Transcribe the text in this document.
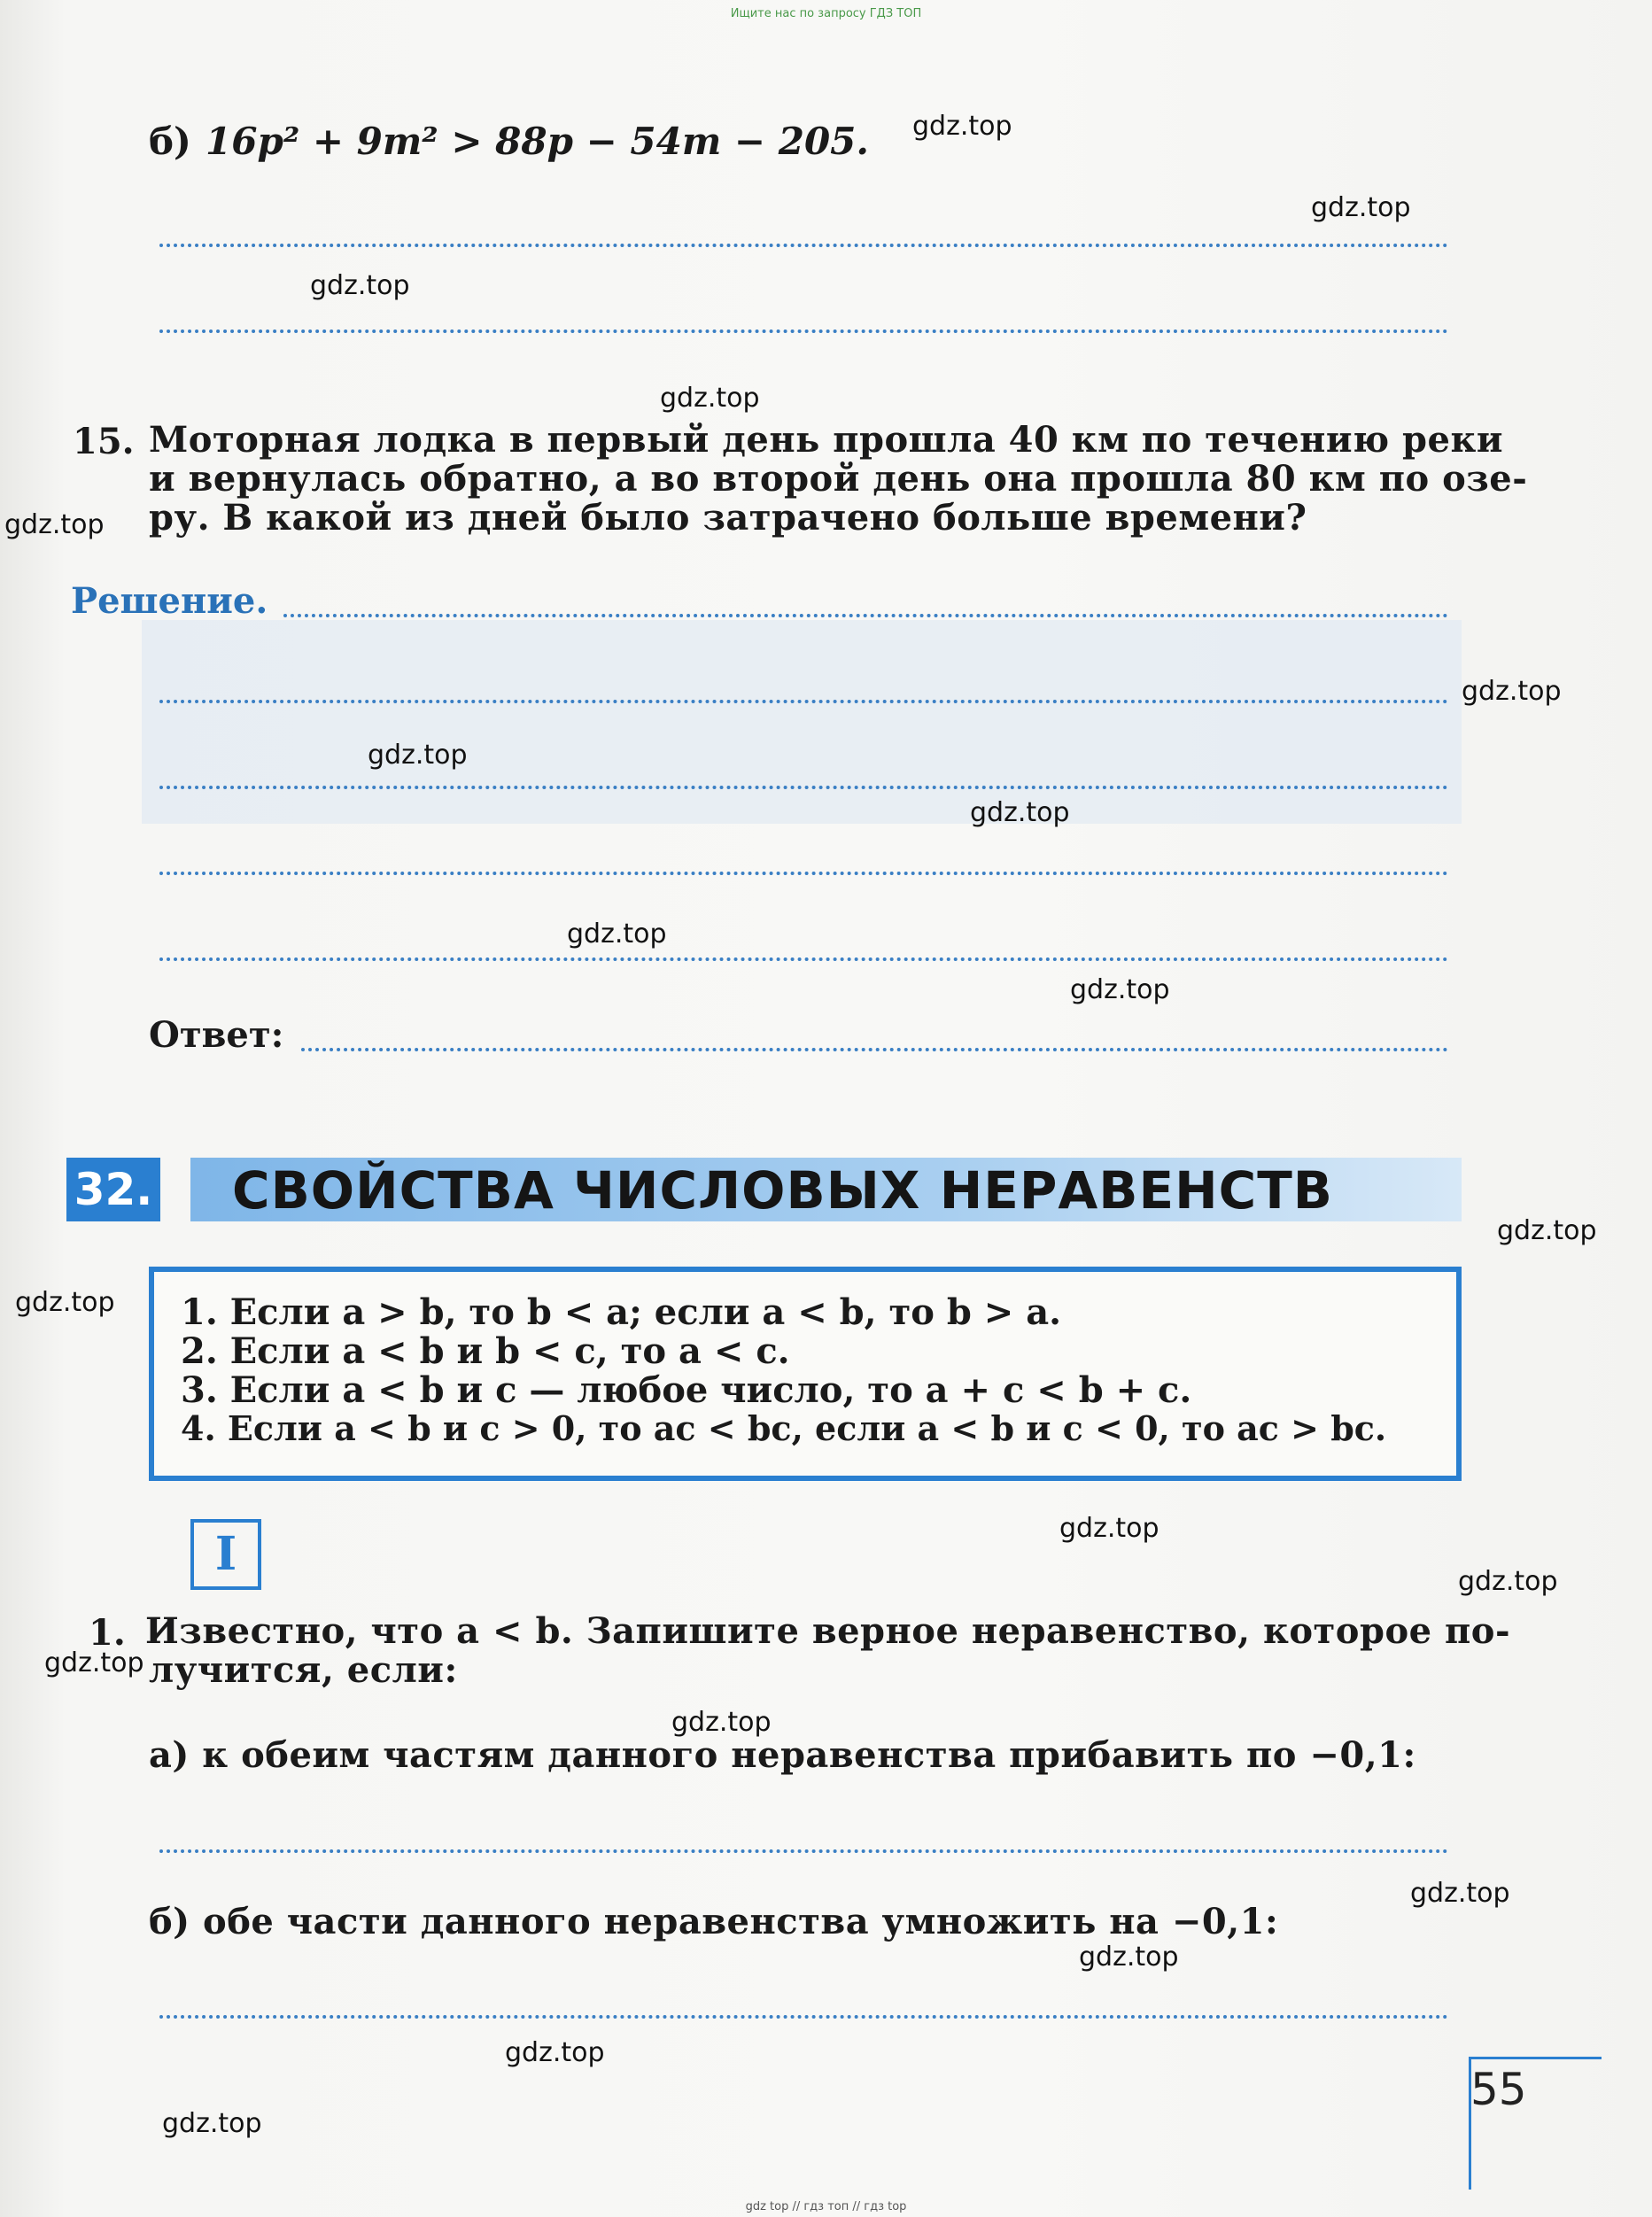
Ищите нас по запросу ГДЗ ТОП
б) 16p² + 9m² > 88p − 54m − 205.
15. Моторная лодка в первый день прошла 40 км по течению реки
и вернулась обратно, а во второй день она прошла 80 км по озе-
ру. В какой из дней было затрачено больше времени?
Решение.
Ответ:
32. СВОЙСТВА ЧИСЛОВЫХ НЕРАВЕНСТВ
1. Если a > b, то b < a; если a < b, то b > a.
2. Если a < b и b < c, то a < c.
3. Если a < b и c — любое число, то a + c < b + c.
4. Если a < b и c > 0, то ac < bc, если a < b и c < 0, то ac > bc.
I
1. Известно, что a < b. Запишите верное неравенство, которое по-
лучится, если:
а) к обеим частям данного неравенства прибавить по −0,1:
б) обе части данного неравенства умножить на −0,1:
55
gdz.top
gdz.top
gdz.top
gdz.top
gdz.top
gdz.top
gdz.top
gdz.top
gdz.top
gdz.top
gdz.top
gdz.top
gdz.top
gdz.top
gdz.top
gdz.top
gdz.top
gdz.top
gdz.top
gdz.top
gdz top // гдз топ // гдз top
